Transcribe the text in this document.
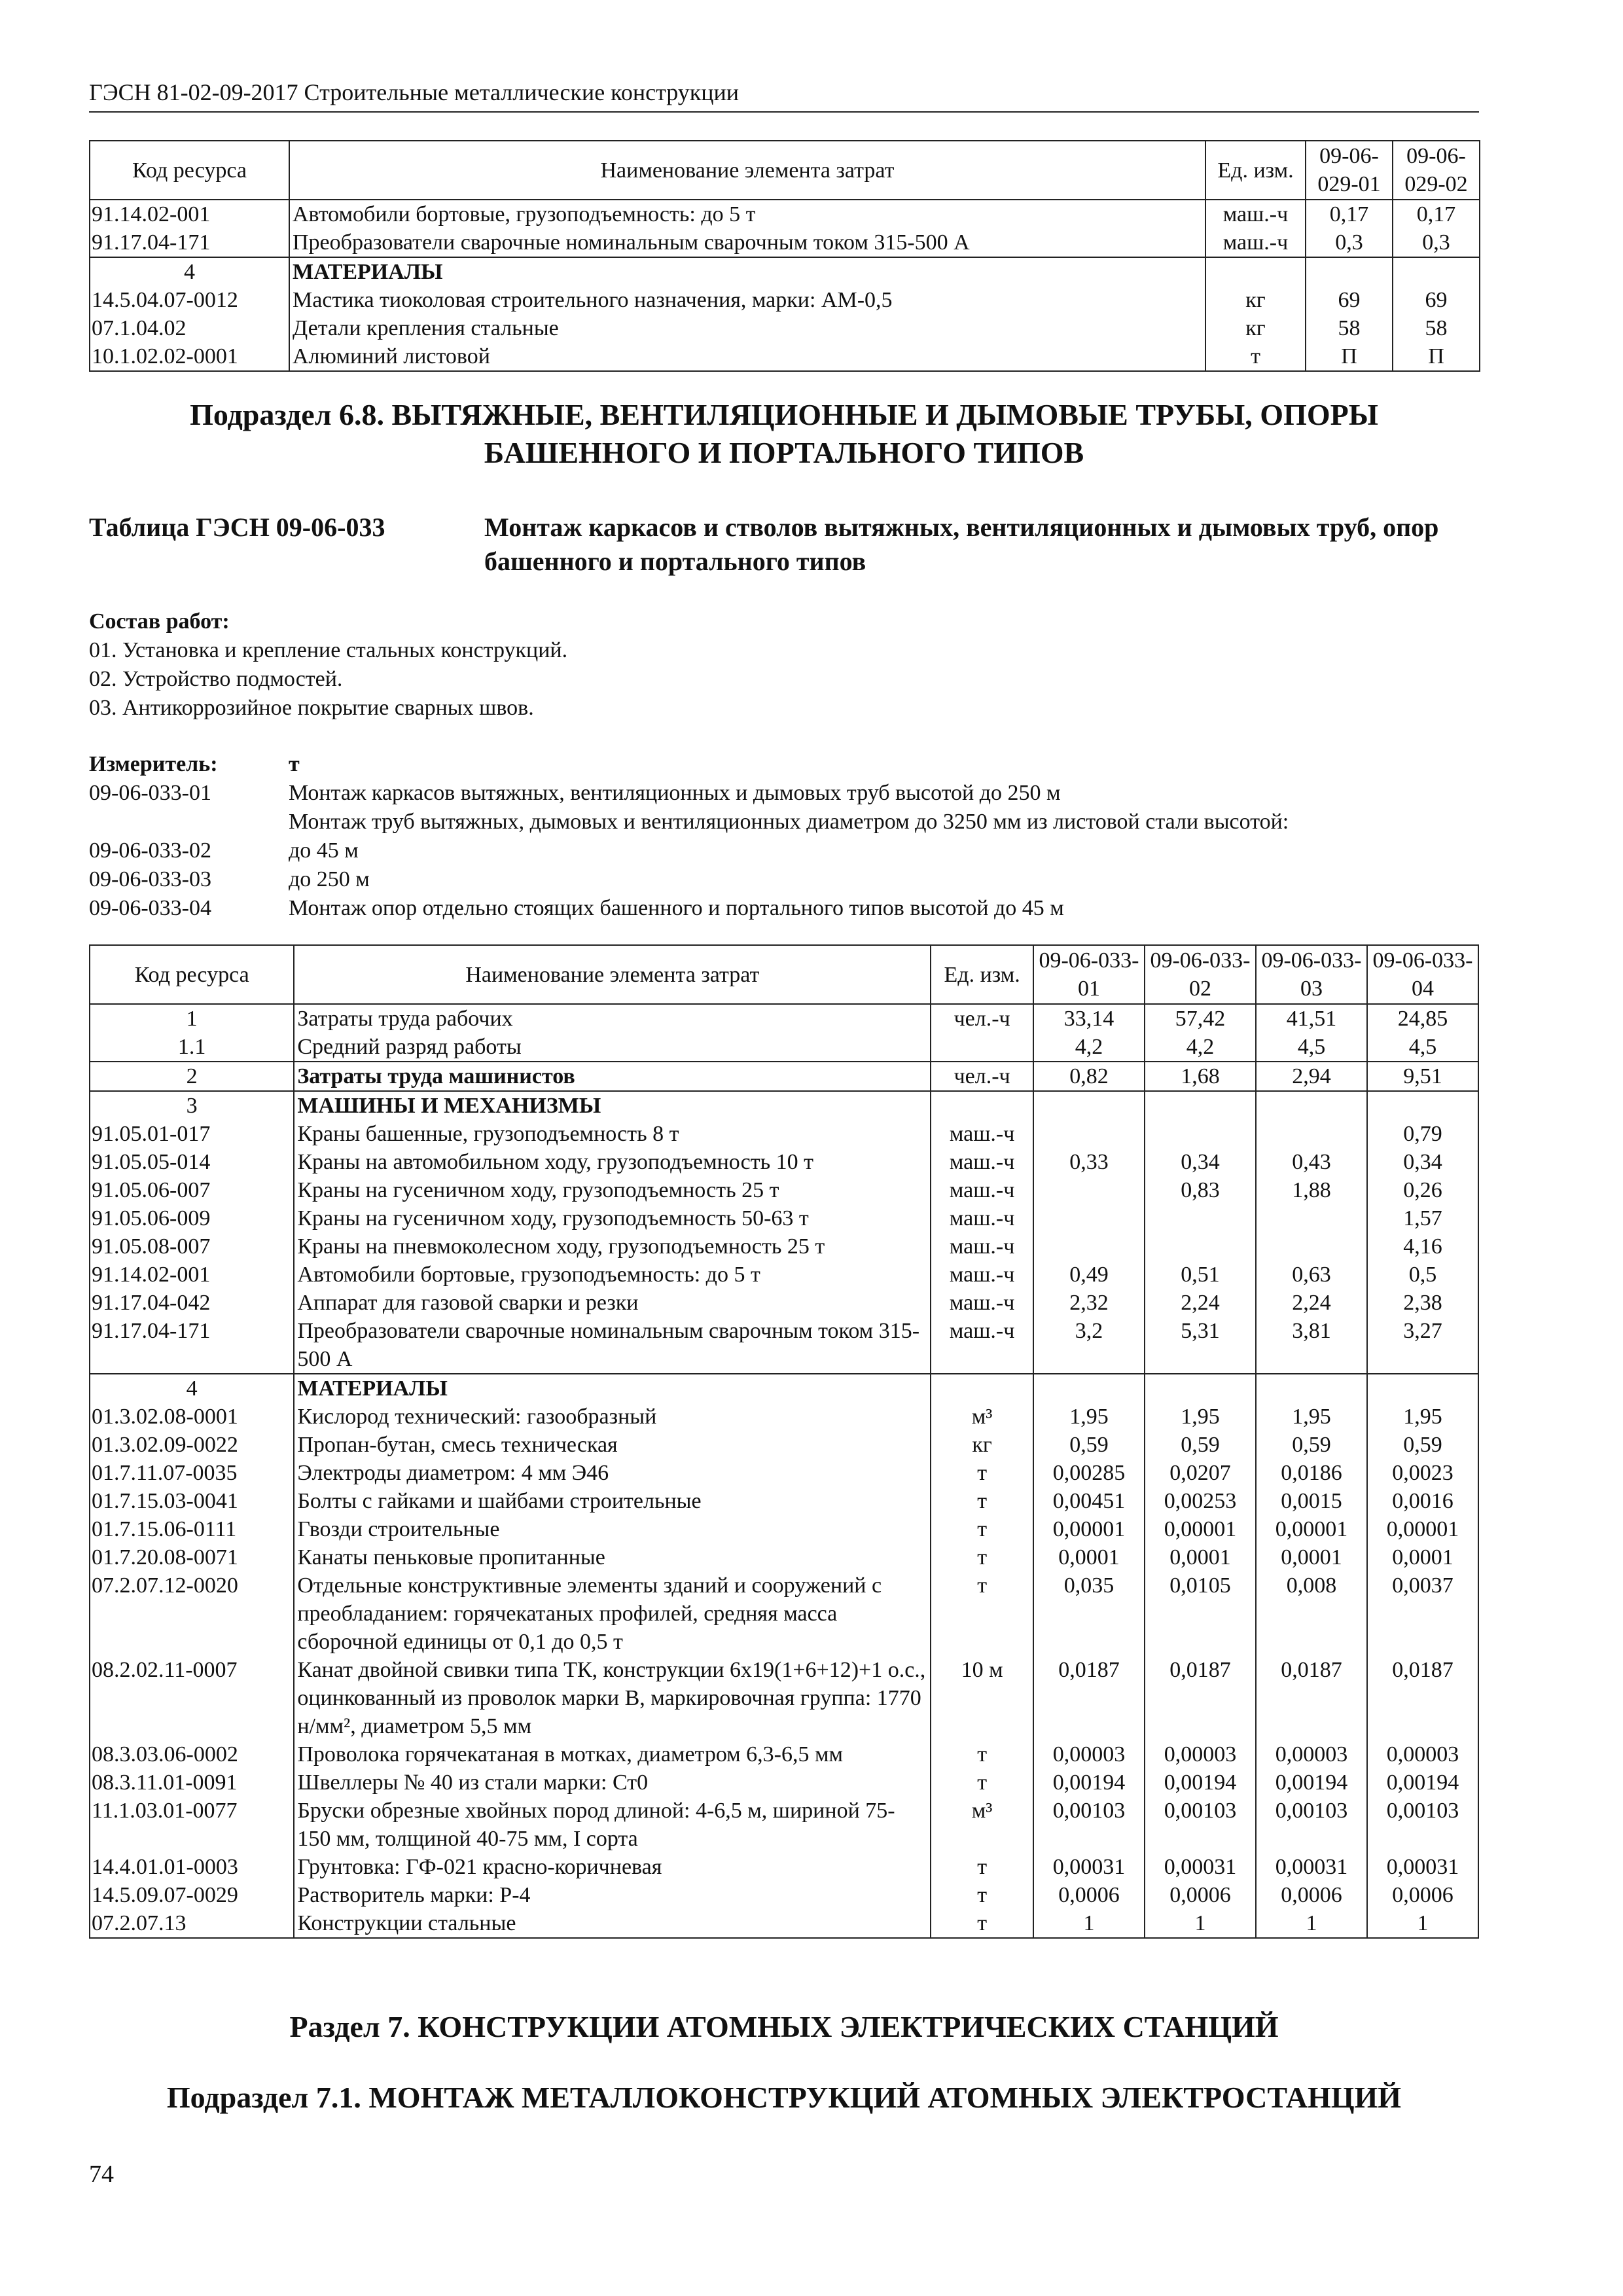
ГЭСН 81-02-09-2017 Строительные металлические конструкции
Код ресурса	Наименование элемента затрат	Ед. изм.	09-06-029-01	09-06-029-02
91.14.02-001	Автомобили бортовые, грузоподъемность: до 5 т	маш.-ч	0,17	0,17
91.17.04-171	Преобразователи сварочные номинальным сварочным током 315-500 А	маш.-ч	0,3	0,3
4	МАТЕРИАЛЫ			
14.5.04.07-0012	Мастика тиоколовая строительного назначения, марки: АМ-0,5	кг	69	69
07.1.04.02	Детали крепления стальные	кг	58	58
10.1.02.02-0001	Алюминий листовой	т	П	П
Подраздел 6.8. ВЫТЯЖНЫЕ, ВЕНТИЛЯЦИОННЫЕ И ДЫМОВЫЕ ТРУБЫ, ОПОРЫ БАШЕННОГО И ПОРТАЛЬНОГО ТИПОВ
Таблица ГЭСН 09-06-033	Монтаж каркасов и стволов вытяжных, вентиляционных и дымовых труб, опор башенного и портального типов
Состав работ:
01. Установка и крепление стальных конструкций.
02. Устройство подмостей.
03. Антикоррозийное покрытие сварных швов.
Измеритель:	т
09-06-033-01	Монтаж каркасов вытяжных, вентиляционных и дымовых труб высотой до 250 м
Монтаж труб вытяжных, дымовых и вентиляционных диаметром до 3250 мм из листовой стали высотой:
09-06-033-02	до 45 м
09-06-033-03	до 250 м
09-06-033-04	Монтаж опор отдельно стоящих башенного и портального типов высотой до 45 м
Код ресурса	Наименование элемента затрат	Ед. изм.	09-06-033-01	09-06-033-02	09-06-033-03	09-06-033-04
1	Затраты труда рабочих	чел.-ч	33,14	57,42	41,51	24,85
1.1	Средний разряд работы		4,2	4,2	4,5	4,5
2	Затраты труда машинистов	чел.-ч	0,82	1,68	2,94	9,51
3	МАШИНЫ И МЕХАНИЗМЫ					
91.05.01-017	Краны башенные, грузоподъемность 8 т	маш.-ч				0,79
91.05.05-014	Краны на автомобильном ходу, грузоподъемность 10 т	маш.-ч	0,33	0,34	0,43	0,34
91.05.06-007	Краны на гусеничном ходу, грузоподъемность 25 т	маш.-ч		0,83	1,88	0,26
91.05.06-009	Краны на гусеничном ходу, грузоподъемность 50-63 т	маш.-ч				1,57
91.05.08-007	Краны на пневмоколесном ходу, грузоподъемность 25 т	маш.-ч				4,16
91.14.02-001	Автомобили бортовые, грузоподъемность: до 5 т	маш.-ч	0,49	0,51	0,63	0,5
91.17.04-042	Аппарат для газовой сварки и резки	маш.-ч	2,32	2,24	2,24	2,38
91.17.04-171	Преобразователи сварочные номинальным сварочным током 315-500 А	маш.-ч	3,2	5,31	3,81	3,27
4	МАТЕРИАЛЫ					
01.3.02.08-0001	Кислород технический: газообразный	м³	1,95	1,95	1,95	1,95
01.3.02.09-0022	Пропан-бутан, смесь техническая	кг	0,59	0,59	0,59	0,59
01.7.11.07-0035	Электроды диаметром: 4 мм Э46	т	0,00285	0,0207	0,0186	0,0023
01.7.15.03-0041	Болты с гайками и шайбами строительные	т	0,00451	0,00253	0,0015	0,0016
01.7.15.06-0111	Гвозди строительные	т	0,00001	0,00001	0,00001	0,00001
01.7.20.08-0071	Канаты пеньковые пропитанные	т	0,0001	0,0001	0,0001	0,0001
07.2.07.12-0020	Отдельные конструктивные элементы зданий и сооружений с преобладанием: горячекатаных профилей, средняя масса сборочной единицы от 0,1 до 0,5 т	т	0,035	0,0105	0,008	0,0037
08.2.02.11-0007	Канат двойной свивки типа ТК, конструкции 6x19(1+6+12)+1 о.с., оцинкованный из проволок марки В, маркировочная группа: 1770 н/мм², диаметром 5,5 мм	10 м	0,0187	0,0187	0,0187	0,0187
08.3.03.06-0002	Проволока горячекатаная в мотках, диаметром 6,3-6,5 мм	т	0,00003	0,00003	0,00003	0,00003
08.3.11.01-0091	Швеллеры № 40 из стали марки: Ст0	т	0,00194	0,00194	0,00194	0,00194
11.1.03.01-0077	Бруски обрезные хвойных пород длиной: 4-6,5 м, шириной 75-150 мм, толщиной 40-75 мм, I сорта	м³	0,00103	0,00103	0,00103	0,00103
14.4.01.01-0003	Грунтовка: ГФ-021 красно-коричневая	т	0,00031	0,00031	0,00031	0,00031
14.5.09.07-0029	Растворитель марки: Р-4	т	0,0006	0,0006	0,0006	0,0006
07.2.07.13	Конструкции стальные	т	1	1	1	1
Раздел 7. КОНСТРУКЦИИ АТОМНЫХ ЭЛЕКТРИЧЕСКИХ СТАНЦИЙ
Подраздел 7.1. МОНТАЖ МЕТАЛЛОКОНСТРУКЦИЙ АТОМНЫХ ЭЛЕКТРОСТАНЦИЙ
74
